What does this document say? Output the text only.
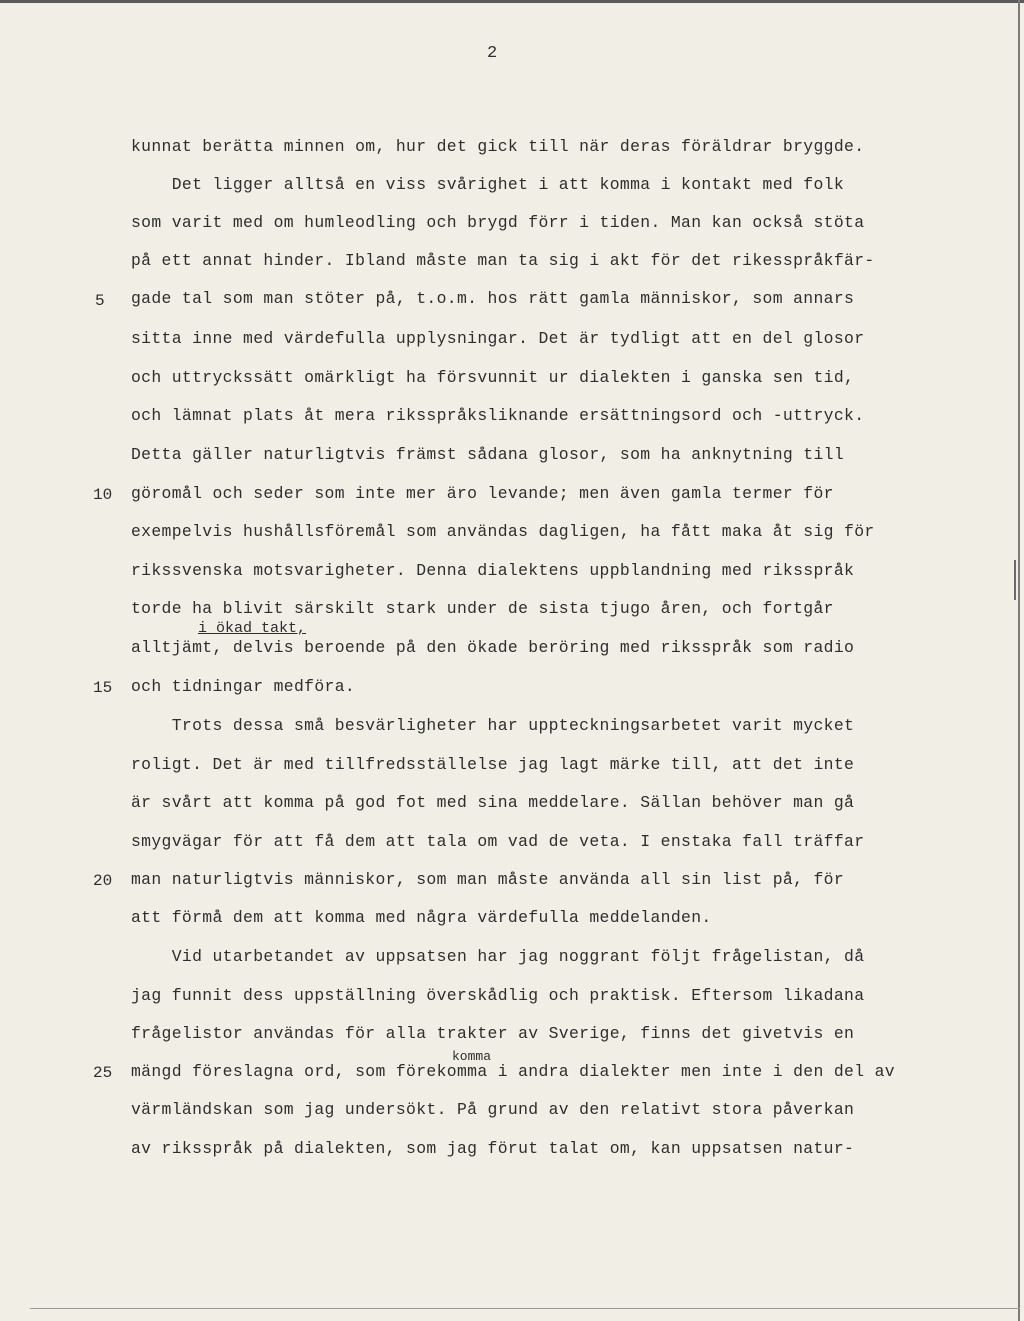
2
kunnat berätta minnen om, hur det gick till när deras föräldrar bryggde.
Det ligger alltså en viss svårighet i att komma i kontakt med folk
som varit med om humleodling och brygd förr i tiden. Man kan också stöta
på ett annat hinder. Ibland måste man ta sig i akt för det rikesspråkfär-
gade tal som man stöter på, t.o.m. hos rätt gamla människor, som annars
sitta inne med värdefulla upplysningar. Det är tydligt att en del glosor
och uttryckssätt omärkligt ha försvunnit ur dialekten i ganska sen tid,
och lämnat plats åt mera riksspråksliknande ersättningsord och -uttryck.
Detta gäller naturligtvis främst sådana glosor, som ha anknytning till
göromål och seder som inte mer äro levande; men även gamla termer för
exempelvis hushållsföremål som användas dagligen, ha fått maka åt sig för
rikssvenska motsvarigheter. Denna dialektens uppblandning med riksspråk
torde ha blivit särskilt stark under de sista tjugo åren, och fortgår
i ökad takt,
alltjämt, delvis beroende på den ökade beröring med riksspråk som radio
och tidningar medföra.
Trots dessa små besvärligheter har uppteckningsarbetet varit mycket
roligt. Det är med tillfredsställelse jag lagt märke till, att det inte
är svårt att komma på god fot med sina meddelare. Sällan behöver man gå
smygvägar för att få dem att tala om vad de veta. I enstaka fall träffar
man naturligtvis människor, som man måste använda all sin list på, för
att förmå dem att komma med några värdefulla meddelanden.
Vid utarbetandet av uppsatsen har jag noggrant följt frågelistan, då
jag funnit dess uppställning överskådlig och praktisk. Eftersom likadana
frågelistor användas för alla trakter av Sverige, finns det givetvis en
komma
mängd föreslagna ord, som förekomma i andra dialekter men inte i den del av
värmländskan som jag undersökt. På grund av den relativt stora påverkan
av riksspråk på dialekten, som jag förut talat om, kan uppsatsen natur-
5
10
15
20
25
